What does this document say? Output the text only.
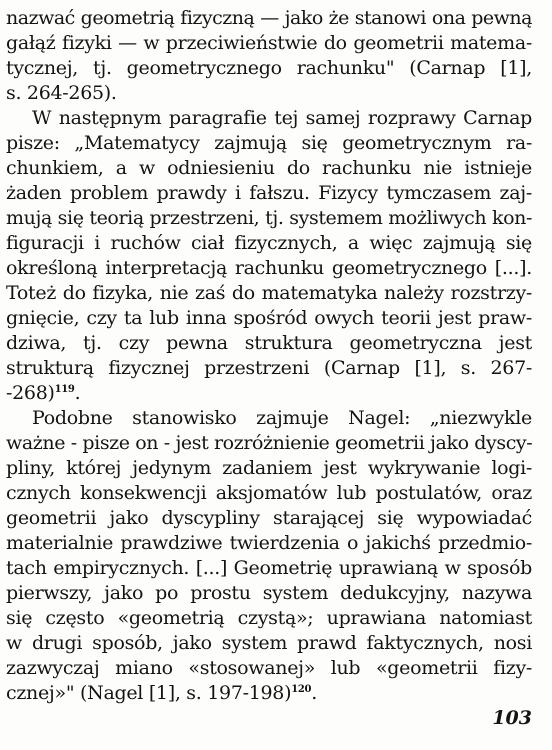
nazwać geometrią fizyczną — jako że stanowi ona pewną
gałąź fizyki — w przeciwieństwie do geometrii matema-
tycznej, tj. geometrycznego rachunku" (Carnap [1],
s. 264-265).
W następnym paragrafie tej samej rozprawy Carnap
pisze: „Matematycy zajmują się geometrycznym ra-
chunkiem, a w odniesieniu do rachunku nie istnieje
żaden problem prawdy i fałszu. Fizycy tymczasem zaj-
mują się teorią przestrzeni, tj. systemem możliwych kon-
figuracji i ruchów ciał fizycznych, a więc zajmują się
określoną interpretacją rachunku geometrycznego [...].
Toteż do fizyka, nie zaś do matematyka należy rozstrzy-
gnięcie, czy ta lub inna spośród owych teorii jest praw-
dziwa, tj. czy pewna struktura geometryczna jest
strukturą fizycznej przestrzeni (Carnap [1], s. 267-
-268)$^{119}$.
Podobne stanowisko zajmuje Nagel: „niezwykle
ważne - pisze on - jest rozróżnienie geometrii jako dyscy-
pliny, której jedynym zadaniem jest wykrywanie logi-
cznych konsekwencji aksjomatów lub postulatów, oraz
geometrii jako dyscypliny starającej się wypowiadać
materialnie prawdziwe twierdzenia o jakichś przedmio-
tach empirycznych. [...] Geometrię uprawianą w sposób
pierwszy, jako po prostu system dedukcyjny, nazywa
się często «geometrią czystą»; uprawiana natomiast
w drugi sposób, jako system prawd faktycznych, nosi
zazwyczaj miano «stosowanej» lub «geometrii fizy-
cznej»" (Nagel [1], s. 197-198)$^{120}$.
103
